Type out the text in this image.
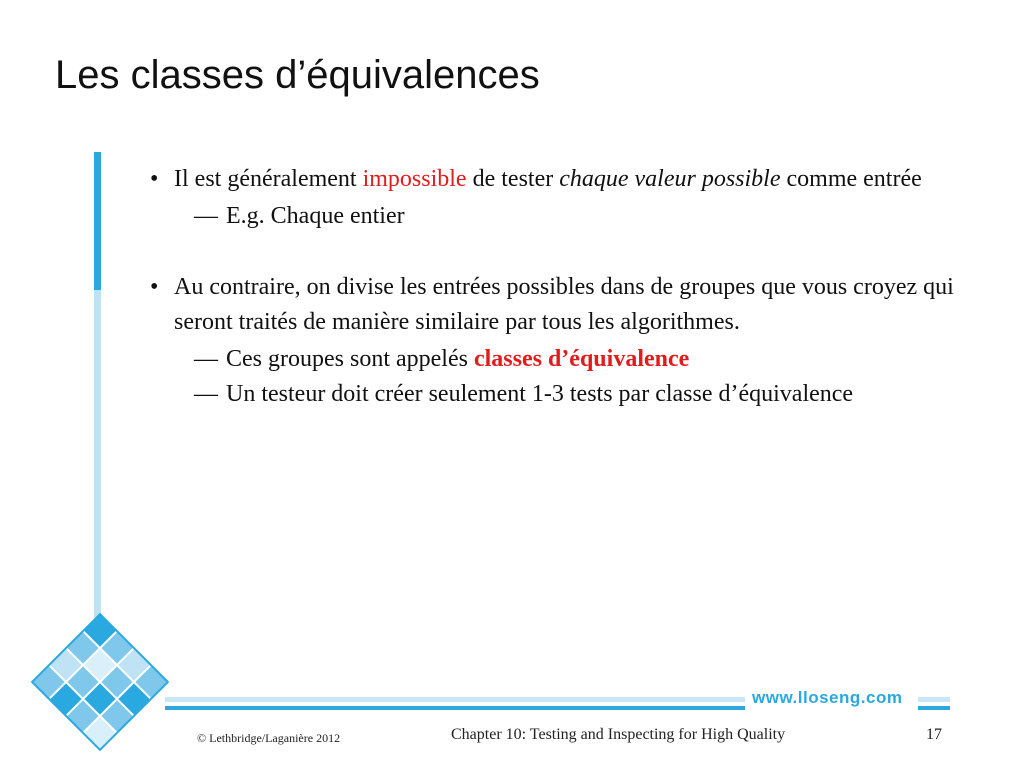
Les classes d’équivalences
www.lloseng.com
• Il est généralement impossible de tester chaque valeur possible comme entrée
— E.g. Chaque entier
• Au contraire, on divise les entrées possibles dans de groupes que vous croyez qui seront traités de manière similaire par tous les algorithmes.
— Ces groupes sont appelés classes d’équivalence
— Un testeur doit créer seulement 1-3 tests par classe d’équivalence
© Lethbridge/Laganière 2012	Chapter 10: Testing and Inspecting for High Quality	17
